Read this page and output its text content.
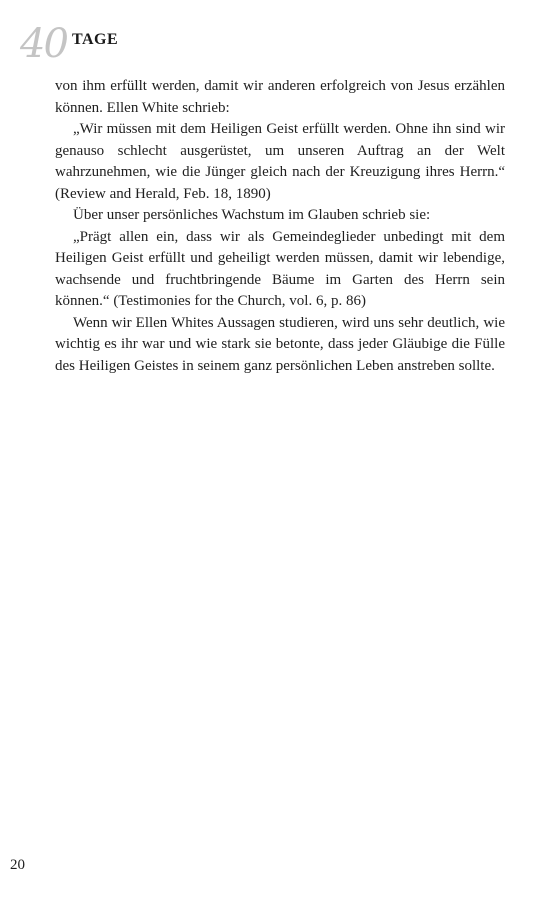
40 TAGE

von ihm erfüllt werden, damit wir anderen erfolgreich von Jesus erzählen können. Ellen White schrieb:

„Wir müssen mit dem Heiligen Geist erfüllt werden. Ohne ihn sind wir genauso schlecht ausgerüstet, um unseren Auftrag an der Welt wahrzunehmen, wie die Jünger gleich nach der Kreuzigung ihres Herrn.“ (Review and Herald, Feb. 18, 1890)

Über unser persönliches Wachstum im Glauben schrieb sie:

„Prägt allen ein, dass wir als Gemeindeglieder unbedingt mit dem Heiligen Geist erfüllt und geheiligt werden müssen, damit wir lebendige, wachsende und fruchtbringende Bäume im Garten des Herrn sein können.“ (Testimonies for the Church, vol. 6, p. 86)

Wenn wir Ellen Whites Aussagen studieren, wird uns sehr deutlich, wie wichtig es ihr war und wie stark sie betonte, dass jeder Gläubige die Fülle des Heiligen Geistes in seinem ganz persönlichen Leben anstreben sollte.

20
